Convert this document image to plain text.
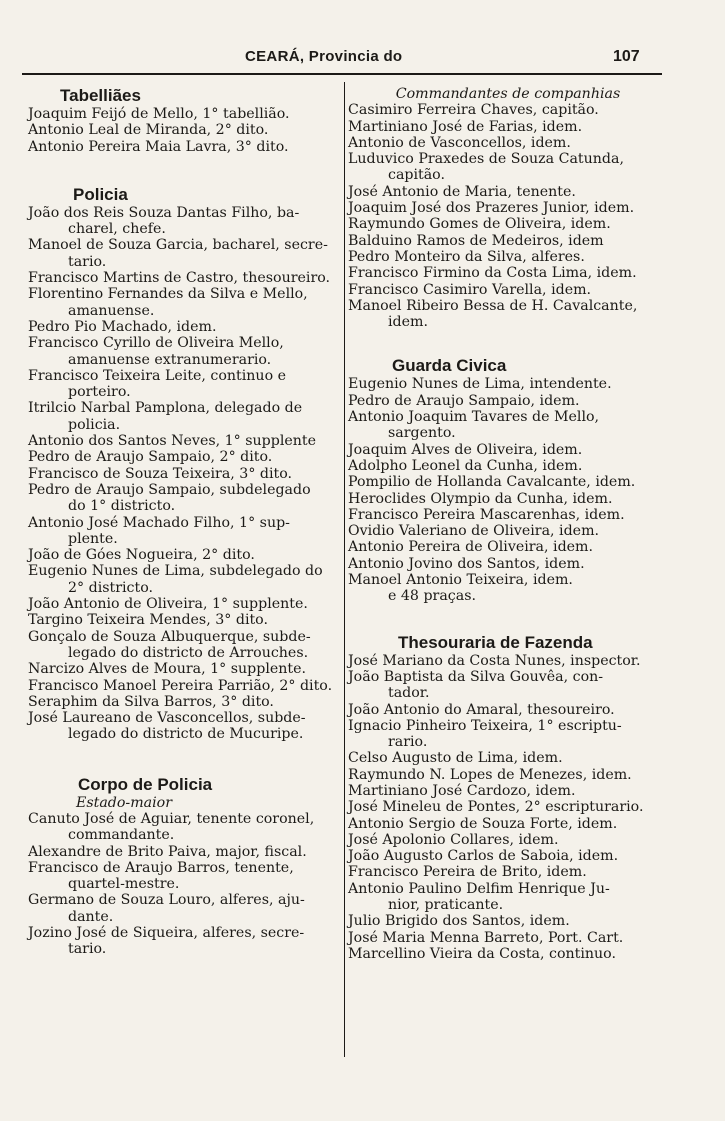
CEARÁ, Provincia do	107
Tabelliães
Joaquim Feijó de Mello, 1° tabellião.
Antonio Leal de Miranda, 2° dito.
Antonio Pereira Maia Lavra, 3° dito.
Policia
João dos Reis Souza Dantas Filho, ba-
charel, chefe.
Manoel de Souza Garcia, bacharel, secre-
tario.
Francisco Martins de Castro, thesoureiro.
Florentino Fernandes da Silva e Mello,
amanuense.
Pedro Pio Machado, idem.
Francisco Cyrillo de Oliveira Mello,
amanuense extranumerario.
Francisco Teixeira Leite, continuo e
porteiro.
Itrilcio Narbal Pamplona, delegado de
policia.
Antonio dos Santos Neves, 1° supplente
Pedro de Araujo Sampaio, 2° dito.
Francisco de Souza Teixeira, 3° dito.
Pedro de Araujo Sampaio, subdelegado
do 1° districto.
Antonio José Machado Filho, 1° sup-
plente.
João de Góes Nogueira, 2° dito.
Eugenio Nunes de Lima, subdelegado do
2° districto.
João Antonio de Oliveira, 1° supplente.
Targino Teixeira Mendes, 3° dito.
Gonçalo de Souza Albuquerque, subde-
legado do districto de Arrouches.
Narcizo Alves de Moura, 1° supplente.
Francisco Manoel Pereira Parrião, 2° dito.
Seraphim da Silva Barros, 3° dito.
José Laureano de Vasconcellos, subde-
legado do districto de Mucuripe.
Corpo de Policia
Estado-maior
Canuto José de Aguiar, tenente coronel,
commandante.
Alexandre de Brito Paiva, major, fiscal.
Francisco de Araujo Barros, tenente,
quartel-mestre.
Germano de Souza Louro, alferes, aju-
dante.
Jozino José de Siqueira, alferes, secre-
tario.
Commandantes de companhias
Casimiro Ferreira Chaves, capitão.
Martiniano José de Farias, idem.
Antonio de Vasconcellos, idem.
Luduvico Praxedes de Souza Catunda,
capitão.
José Antonio de Maria, tenente.
Joaquim José dos Prazeres Junior, idem.
Raymundo Gomes de Oliveira, idem.
Balduino Ramos de Medeiros, idem
Pedro Monteiro da Silva, alferes.
Francisco Firmino da Costa Lima, idem.
Francisco Casimiro Varella, idem.
Manoel Ribeiro Bessa de H. Cavalcante,
idem.
Guarda Civica
Eugenio Nunes de Lima, intendente.
Pedro de Araujo Sampaio, idem.
Antonio Joaquim Tavares de Mello,
sargento.
Joaquim Alves de Oliveira, idem.
Adolpho Leonel da Cunha, idem.
Pompilio de Hollanda Cavalcante, idem.
Heroclides Olympio da Cunha, idem.
Francisco Pereira Mascarenhas, idem.
Ovidio Valeriano de Oliveira, idem.
Antonio Pereira de Oliveira, idem.
Antonio Jovino dos Santos, idem.
Manoel Antonio Teixeira, idem.
e 48 praças.
Thesouraria de Fazenda
José Mariano da Costa Nunes, inspector.
João Baptista da Silva Gouvêa, con-
tador.
João Antonio do Amaral, thesoureiro.
Ignacio Pinheiro Teixeira, 1° escriptu-
rario.
Celso Augusto de Lima, idem.
Raymundo N. Lopes de Menezes, idem.
Martiniano José Cardozo, idem.
José Mineleu de Pontes, 2° escripturario.
Antonio Sergio de Souza Forte, idem.
José Apolonio Collares, idem.
João Augusto Carlos de Saboia, idem.
Francisco Pereira de Brito, idem.
Antonio Paulino Delfim Henrique Ju-
nior, praticante.
Julio Brigido dos Santos, idem.
José Maria Menna Barreto, Port. Cart.
Marcellino Vieira da Costa, continuo.
